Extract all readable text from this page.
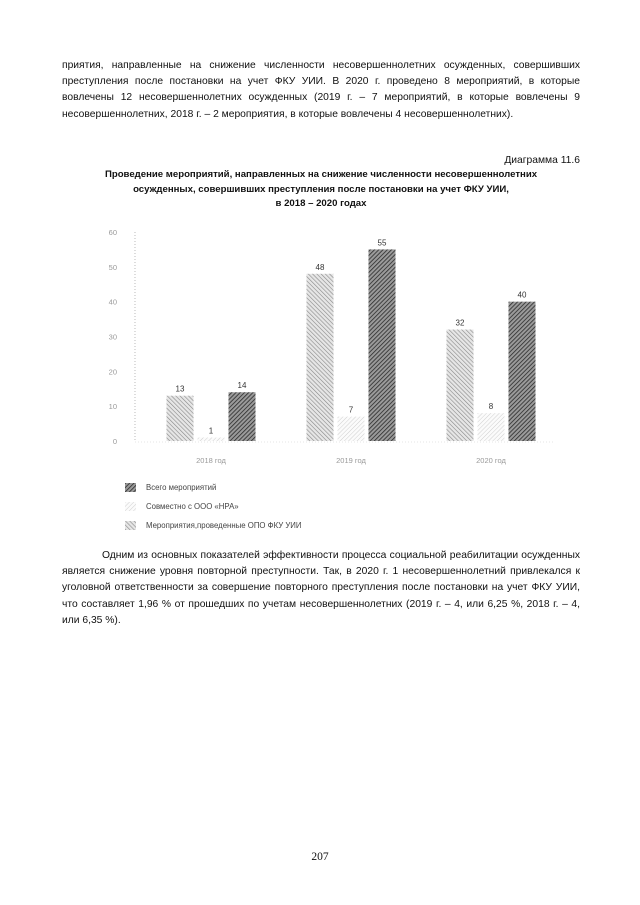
приятия, направленные на снижение численности несовершеннолетних осужденных, совершивших преступления после постановки на учет ФКУ УИИ. В 2020 г. проведено 8 мероприятий, в которые вовлечены 12 несовершеннолетних осужденных (2019 г. – 7 мероприятий, в которые вовлечены 9 несовершеннолетних, 2018 г. – 2 мероприятия, в которые вовлечены 4 несовершеннолетних).

Диаграмма 11.6
Проведение мероприятий, направленных на снижение численности несовершеннолетних
осужденных, совершивших преступления после постановки на учет ФКУ УИИ,
в 2018 – 2020 годах
0
10
20
30
40
50
60
13
1
14
2018 год
48
7
55
2019 год
32
8
40
2020 год
Всего мероприятий
Совместно с ООО «НРА»
Мероприятия,проведенные ОПО ФКУ УИИ

Одним из основных показателей эффективности процесса социальной реабилитации осужденных является снижение уровня повторной преступности. Так, в 2020 г. 1 несовершеннолетний привлекался к уголовной ответственности за совершение повторного преступления после постановки на учет ФКУ УИИ, что составляет 1,96 % от прошедших по учетам несовершеннолетних (2019 г. – 4, или 6,25 %, 2018 г. – 4, или 6,35 %).

207
